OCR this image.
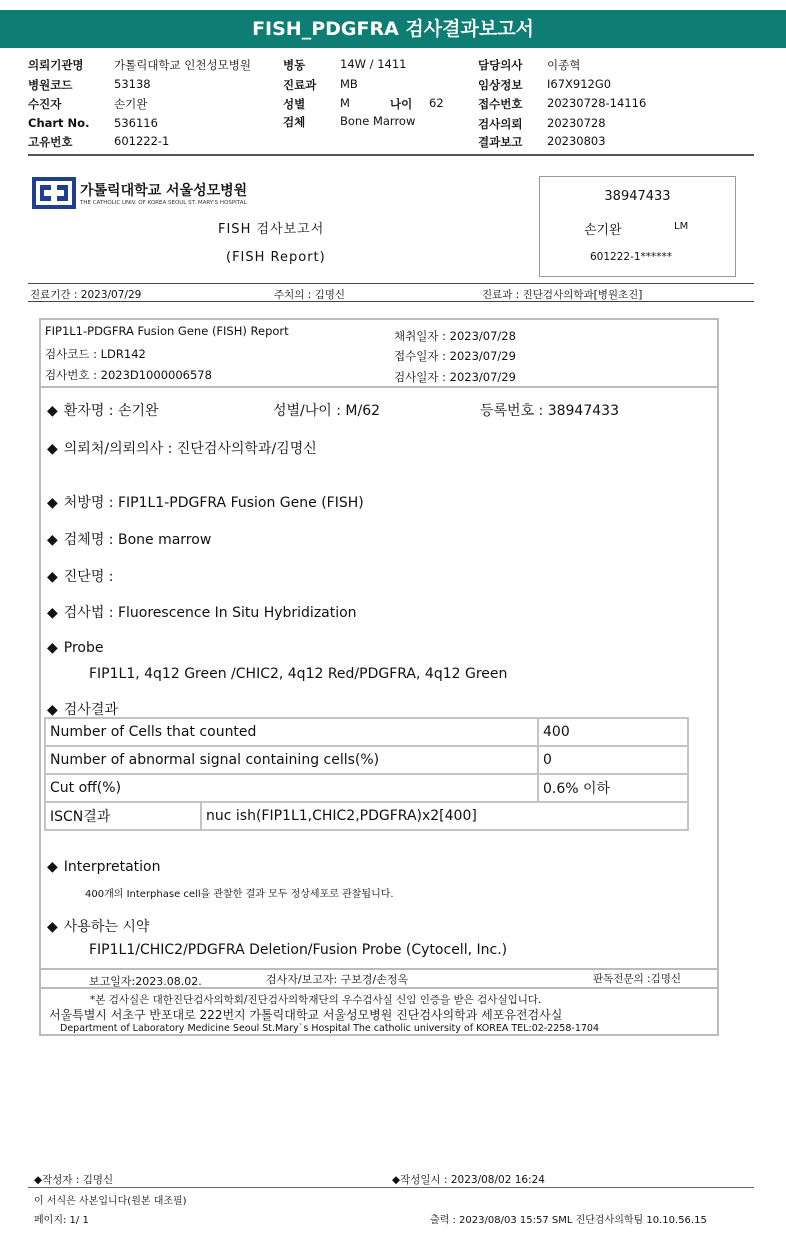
FISH_PDGFRA 검사결과보고서
의뢰기관명	가톨릭대학교 인천성모병원	병동	14W / 1411	담당의사 이종혁
병원코드	53138	진료과 MB	임상정보 I67X912G0
수진자	손기완	성별	M	나이 62	접수번호 20230728-14116
Chart No. 536116	검체	Bone Marrow	검사의뢰 20230728
고유번호	601222-1	결과보고 20230803
가톨릭대학교 서울성모병원
THE CATHOLIC UNIV. OF KOREA SEOUL ST. MARY'S HOSPITAL
FISH 검사보고서
(FISH Report)
38947433
손기완	LM
601222-1******
진료기간 : 2023/07/29	주치의 : 김명신	진료과 : 진단검사의학과[병원초진]
FIP1L1-PDGFRA Fusion Gene (FISH) Report
검사코드 : LDR142
검사번호 : 2023D1000006578
채취일자 : 2023/07/28
접수일자 : 2023/07/29
검사일자 : 2023/07/29
◆ 환자명 : 손기완	성별/나이 : M/62	등록번호 : 38947433
◆ 의뢰처/의뢰의사 : 진단검사의학과/김명신
◆ 처방명 : FIP1L1-PDGFRA Fusion Gene (FISH)
◆ 검체명 : Bone marrow
◆ 진단명 :
◆ 검사법 : Fluorescence In Situ Hybridization
◆ Probe
FIP1L1, 4q12 Green /CHIC2, 4q12 Red/PDGFRA, 4q12 Green
◆ 검사결과
Number of Cells that counted		400
Number of abnormal signal containing cells(%)		0
Cut off(%)		0.6% 이하
ISCN결과	nuc ish(FIP1L1,CHIC2,PDGFRA)x2[400]	
◆ Interpretation
400개의 Interphase cell을 관찰한 결과 모두 정상세포로 관찰됩니다.
◆ 사용하는 시약
FIP1L1/CHIC2/PDGFRA Deletion/Fusion Probe (Cytocell, Inc.)
보고일자:2023.08.02.	검사자/보고자: 구보경/손정옥	판독전문의 :김명신
*본 검사실은 대한진단검사의학회/진단검사의학재단의 우수검사실 신임 인증을 받은 검사실입니다.
서울특별시 서초구 반포대로 222번지 가톨릭대학교 서울성모병원 진단검사의학과 세포유전검사실
Department of Laboratory Medicine Seoul St.Mary`s Hospital The catholic university of KOREA TEL:02-2258-1704
◆작성자 : 김명신	◆작성일시 : 2023/08/02 16:24
이 서식은 사본입니다(원본 대조필)
페이지: 1/ 1	출력 : 2023/08/03 15:57 SML 진단검사의학팀 10.10.56.15
